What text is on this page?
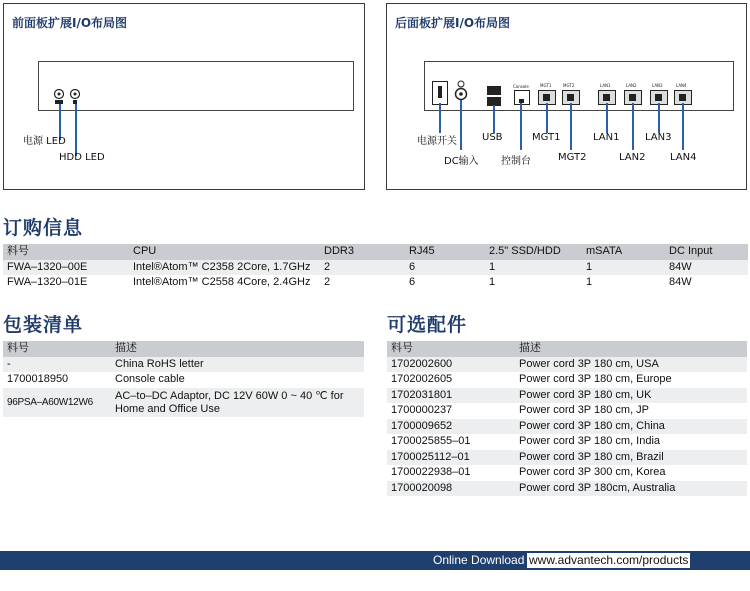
前面板扩展I/O布局图
电源 LED
HDD LED
后面板扩展I/O布局图
Console	MGT1	MGT2	LAN1	LAN2	LAN3	LAN4
电源开关
DC输入
USB
控制台
MGT1
MGT2
LAN1
LAN2
LAN3
LAN4
订购信息
料号	CPU	DDR3	RJ45	2.5" SSD/HDD	mSATA	DC Input
FWA–1320–00E	Intel®Atom™ C2358 2Core, 1.7GHz	2	6	1	1	84W
FWA–1320–01E	Intel®Atom™ C2558 4Core, 2.4GHz	2	6	1	1	84W
包装清单
料号	描述
-	China RoHS letter
1700018950	Console cable
96PSA–A60W12W6	AC–to–DC Adaptor, DC 12V 60W 0 ~ 40 ℃ for Home and Office Use
可选配件
料号	描述
1702002600	Power cord 3P 180 cm, USA
1702002605	Power cord 3P 180 cm, Europe
1702031801	Power cord 3P 180 cm, UK
1700000237	Power cord 3P 180 cm, JP
1700009652	Power cord 3P 180 cm, China
1700025855–01	Power cord 3P 180 cm, India
1700025112–01	Power cord 3P 180 cm, Brazil
1700022938–01	Power cord 3P 300 cm, Korea
1700020098	Power cord 3P 180cm, Australia
Online Download www.advantech.com/products
